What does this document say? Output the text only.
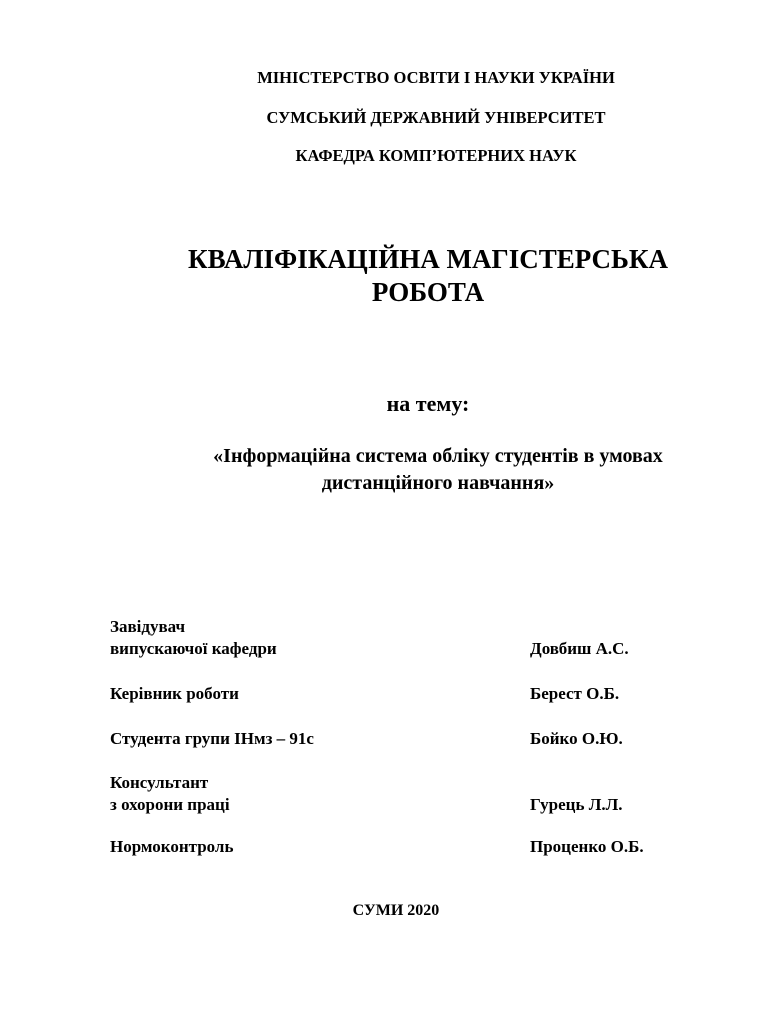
МІНІСТЕРСТВО ОСВІТИ І НАУКИ УКРАЇНИ
СУМСЬКИЙ ДЕРЖАВНИЙ УНІВЕРСИТЕТ
КАФЕДРА КОМП’ЮТЕРНИХ НАУК
КВАЛІФІКАЦІЙНА МАГІСТЕРСЬКА
РОБОТА
на тему:
«Інформаційна система обліку студентів в умовах
дистанційного навчання»
Завідувач
випускаючої кафедри	Довбиш А.С.
Керівник роботи	Берест О.Б.
Студента групи ІНмз – 91с	Бойко О.Ю.
Консультант
з охорони праці	Гурець Л.Л.
Нормоконтроль	Проценко О.Б.
СУМИ 2020
